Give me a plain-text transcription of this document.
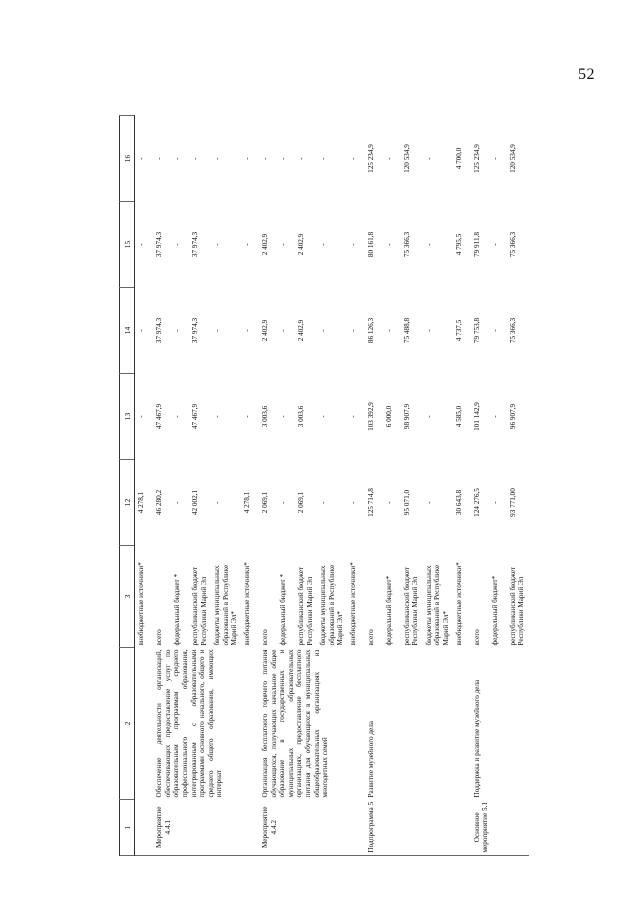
52
1	2	3	12	13	14	15	16
		внебюджетные источники*	4 278,1	-	-	-	-
Мероприятие 4.4.1	Обеспечение деятельности организаций, обеспечивающих предоставление услуг по образовательным программам среднего профессионального образования, интегрированным с образовательными программами основного начального, общего и среднего общего образования, имеющих интернат	всего	46 280,2	47 467,9	37 974,3	37 974,3	-
		федеральный бюджет *	-	-	-	-	-
		республиканский бюджет Республики Марий Эл	42 002,1	47 467,9	37 974,3	37 974,3	-
		бюджеты муниципальных образований в Республике Марий Эл*	-	-	-	-	-
		внебюджетные источники*	4 278,1	-	-	-	-
Мероприятие 4.4.2	Организация бесплатного горячего питания обучающихся, получающих начальное общее образование в государственных и муниципальных образовательных организациях, предоставление бесплатного питания для обучающихся в муниципальных общеобразовательных организациях из многодетных семей	всего	2 069,1	3 003,6	2 402,9	2 402,9	-
		федеральный бюджет *	-	-	-	-	-
		республиканский бюджет Республики Марий Эл	2 069,1	3 003,6	2 402,9	2 402,9	-
		бюджеты муниципальных образований в Республике Марий Эл*	-	-	-	-	-
		внебюджетные источники*	-	-	-	-	-
Подпрограмма 5	Развитие музейного дела	всего	125 714,8	103 392,9	86 126,3	80 161,8	125 234,9
		федеральный бюджет*	-	6 000,0	-	-	-
		республиканский бюджет Республики Марий Эл	95 071,0	98 907,9	75 488,8	75 366,3	120 534,9
		бюджеты муниципальных образований в Республике Марий Эл*	-	-	-	-	-
		внебюджетные источники*	30 643,8	4 585,0	4 737,5	4 795,5	4 700,0
Основное мероприятие 5.1	Поддержка и развитие музейного дела	всего	124 276,5	101 142,9	79 753,8	79 911,8	125 234,9
		федеральный бюджет*	-	-	-	-	-
		республиканский бюджет Республики Марий Эл	93 771,00	96 907,9	75 366,3	75 366,3	120 534,9
